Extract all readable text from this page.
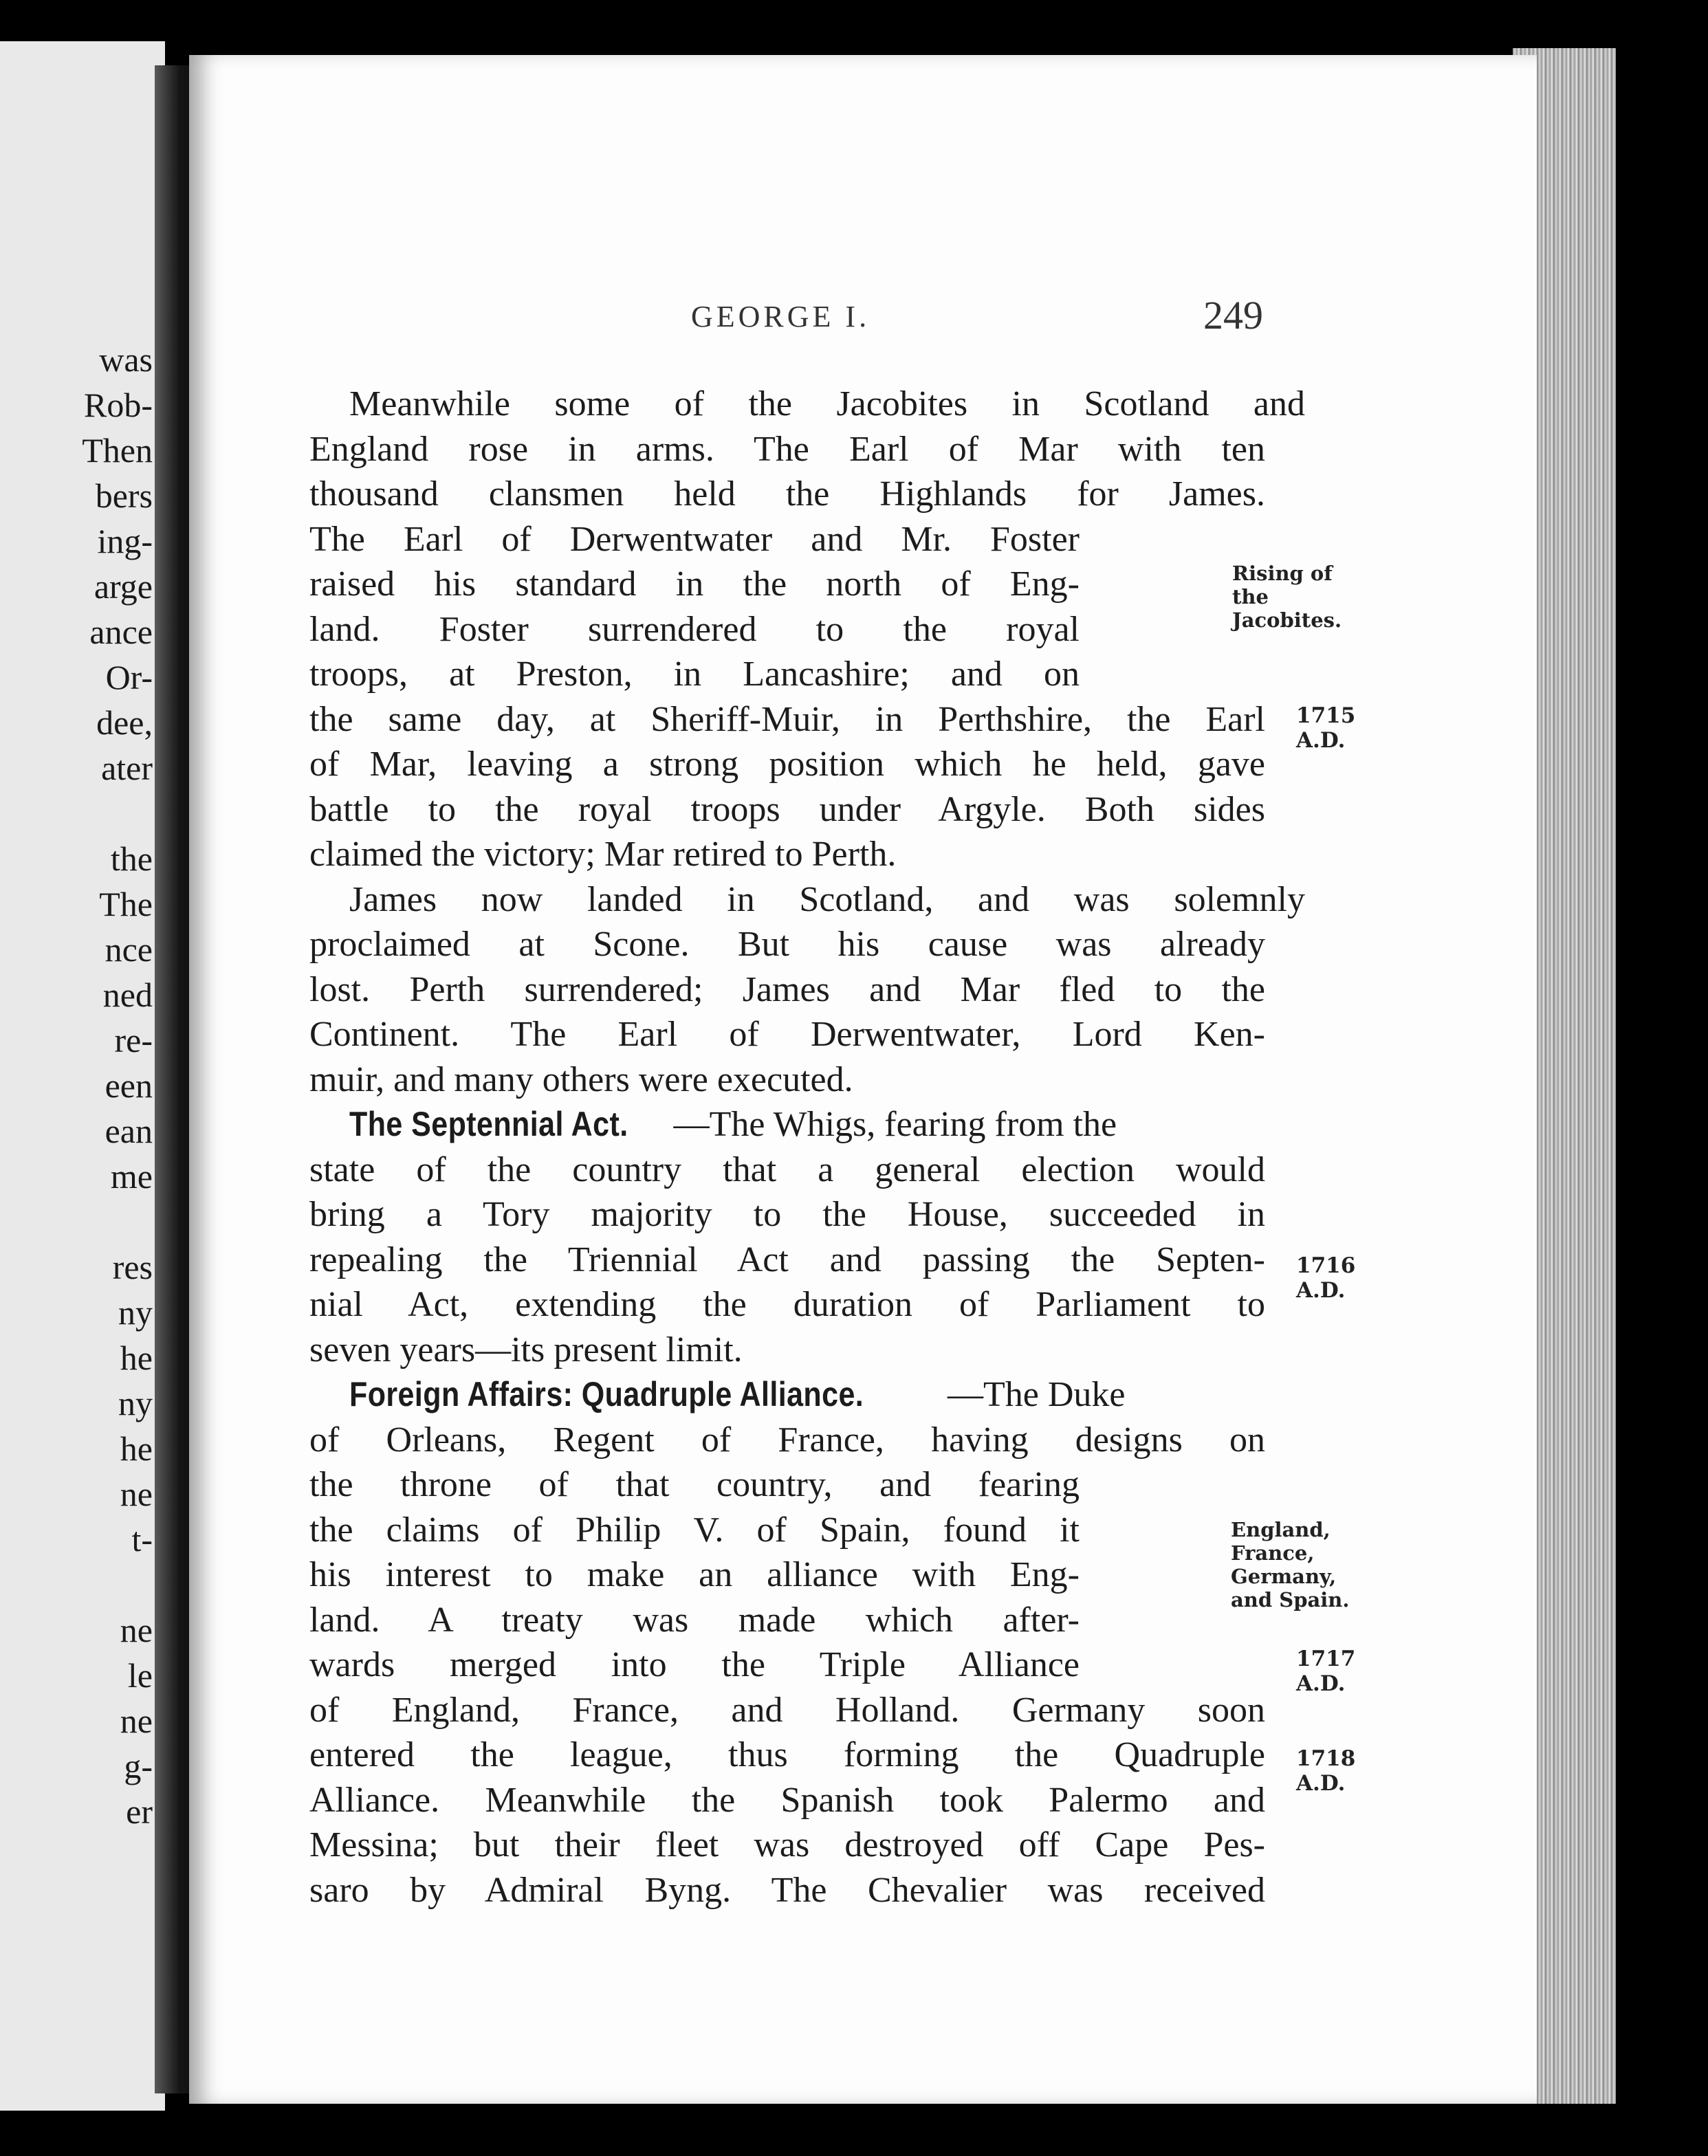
was
Rob-
Then
bers
ing-
arge
ance
Or-
dee,
ater
the
The
nce
ned
re-
een
ean
me
res
ny
he
ny
he
ne
t-
ne
le
ne
g-
er
GEORGE I.	249
Meanwhile some of the Jacobites in Scotland and
England rose in arms. The Earl of Mar with ten
thousand clansmen held the Highlands for James.
The Earl of Derwentwater and Mr. Foster
raised his standard in the north of Eng-
land. Foster surrendered to the royal
troops, at Preston, in Lancashire; and on
the same day, at Sheriff-Muir, in Perthshire, the Earl
of Mar, leaving a strong position which he held, gave
battle to the royal troops under Argyle. Both sides
claimed the victory; Mar retired to Perth.
James now landed in Scotland, and was solemnly
proclaimed at Scone. But his cause was already
lost. Perth surrendered; James and Mar fled to the
Continent. The Earl of Derwentwater, Lord Ken-
muir, and many others were executed.
The Septennial Act. —The Whigs, fearing from the
state of the country that a general election would
bring a Tory majority to the House, succeeded in
repealing the Triennial Act and passing the Septen-
nial Act, extending the duration of Parliament to
seven years—its present limit.
Foreign Affairs: Quadruple Alliance. —The Duke
of Orleans, Regent of France, having designs on
the throne of that country, and fearing
the claims of Philip V. of Spain, found it
his interest to make an alliance with Eng-
land. A treaty was made which after-
wards merged into the Triple Alliance
of England, France, and Holland. Germany soon
entered the league, thus forming the Quadruple
Alliance. Meanwhile the Spanish took Palermo and
Messina; but their fleet was destroyed off Cape Pes-
saro by Admiral Byng. The Chevalier was received
Rising of
the
Jacobites.
England,
France,
Germany,
and Spain.
1715
A.D.
1716
A.D.
1717
A.D.
1718
A.D.
